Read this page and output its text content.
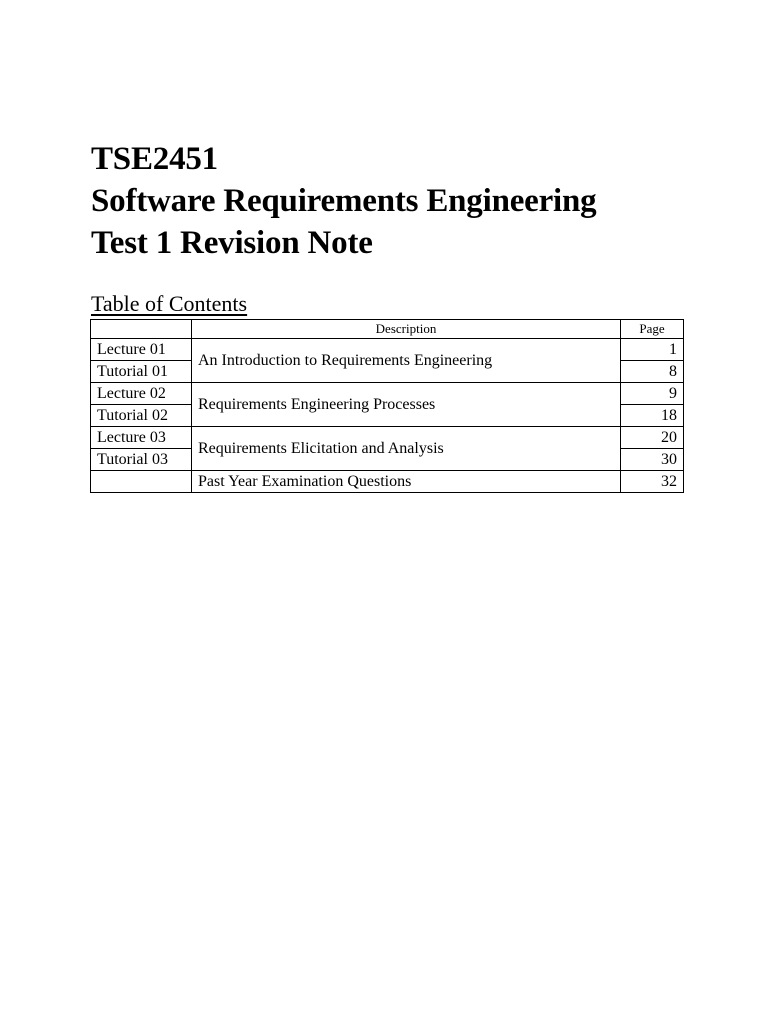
TSE2451
Software Requirements Engineering
Test 1 Revision Note
Table of Contents
	Description	Page
Lecture 01	An Introduction to Requirements Engineering	1
Tutorial 01		8
Lecture 02	Requirements Engineering Processes	9
Tutorial 02		18
Lecture 03	Requirements Elicitation and Analysis	20
Tutorial 03		30
	Past Year Examination Questions	32
